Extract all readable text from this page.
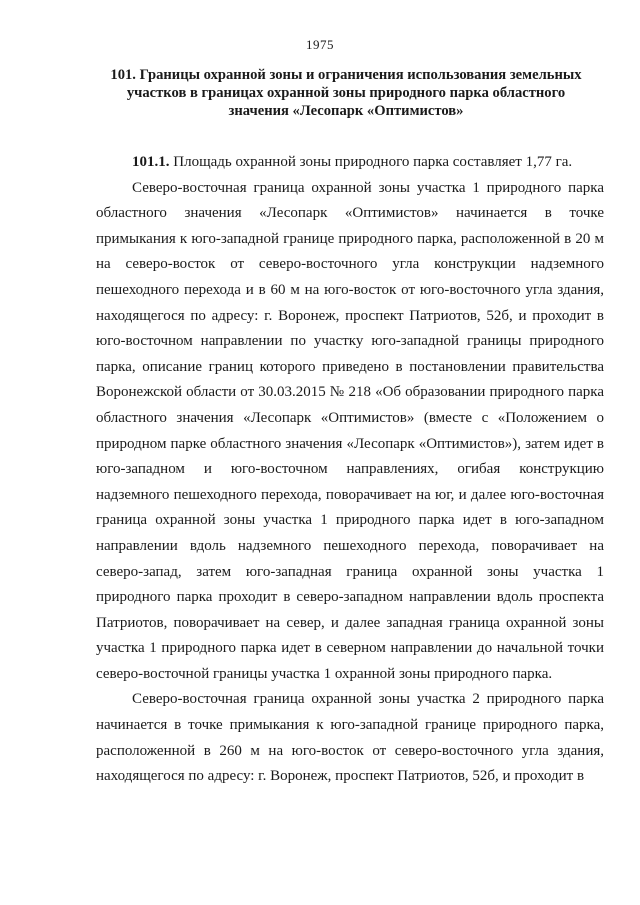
1975
101. Границы охранной зоны и ограничения использования земельных участков в границах охранной зоны природного парка областного значения «Лесопарк «Оптимистов»

101.1. Площадь охранной зоны природного парка составляет 1,77 га.

Северо-восточная граница охранной зоны участка 1 природного парка областного значения «Лесопарк «Оптимистов» начинается в точке примыкания к юго-западной границе природного парка, расположенной в 20 м на северо-восток от северо-восточного угла конструкции надземного пешеходного перехода и в 60 м на юго-восток от юго-восточного угла здания, находящегося по адресу: г. Воронеж, проспект Патриотов, 52б, и проходит в юго-восточном направлении по участку юго-западной границы природного парка, описание границ которого приведено в постановлении правительства Воронежской области от 30.03.2015 № 218 «Об образовании природного парка областного значения «Лесопарк «Оптимистов» (вместе с «Положением о природном парке областного значения «Лесопарк «Оптимистов»), затем идет в юго-западном и юго-восточном направлениях, огибая конструкцию надземного пешеходного перехода, поворачивает на юг, и далее юго-восточная граница охранной зоны участка 1 природного парка идет в юго-западном направлении вдоль надземного пешеходного перехода, поворачивает на северо-запад, затем юго-западная граница охранной зоны участка 1 природного парка проходит в северо-западном направлении вдоль проспекта Патриотов, поворачивает на север, и далее западная граница охранной зоны участка 1 природного парка идет в северном направлении до начальной точки северо-восточной границы участка 1 охранной зоны природного парка.

Северо-восточная граница охранной зоны участка 2 природного парка начинается в точке примыкания к юго-западной границе природного парка, расположенной в 260 м на юго-восток от северо-восточного угла здания, находящегося по адресу: г. Воронеж, проспект Патриотов, 52б, и проходит в
